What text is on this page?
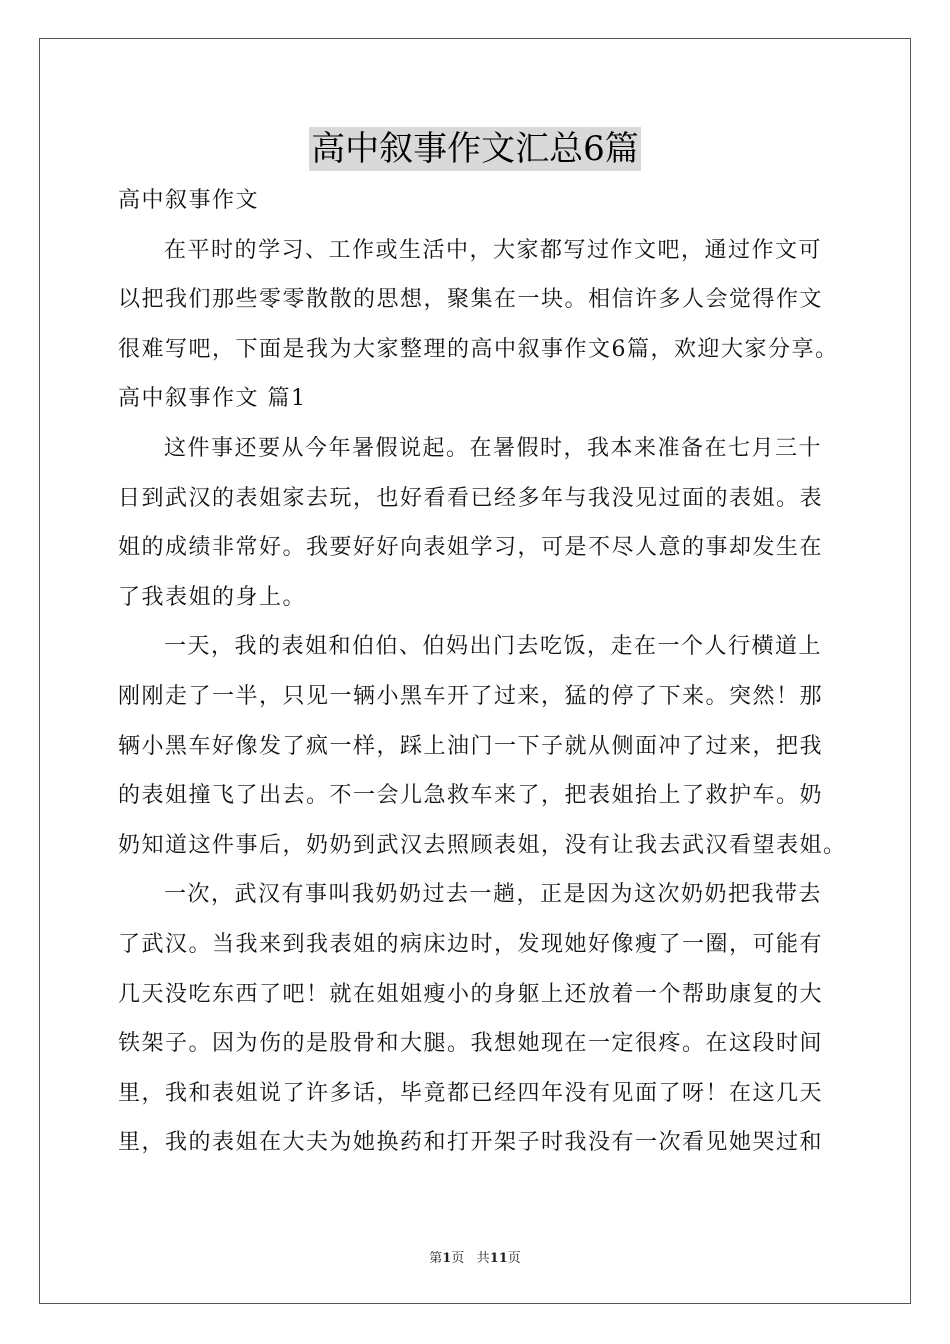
高中叙事作文汇总6篇
高中叙事作文
在平时的学习、工作或生活中，大家都写过作文吧，通过作文可
以把我们那些零零散散的思想，聚集在一块。相信许多人会觉得作文
很难写吧，下面是我为大家整理的高中叙事作文6篇，欢迎大家分享。
高中叙事作文 篇1
这件事还要从今年暑假说起。在暑假时，我本来准备在七月三十
日到武汉的表姐家去玩，也好看看已经多年与我没见过面的表姐。表
姐的成绩非常好。我要好好向表姐学习，可是不尽人意的事却发生在
了我表姐的身上。
一天，我的表姐和伯伯、伯妈出门去吃饭，走在一个人行横道上
刚刚走了一半，只见一辆小黑车开了过来，猛的停了下来。突然！那
辆小黑车好像发了疯一样，踩上油门一下子就从侧面冲了过来，把我
的表姐撞飞了出去。不一会儿急救车来了，把表姐抬上了救护车。奶
奶知道这件事后，奶奶到武汉去照顾表姐，没有让我去武汉看望表姐。
一次，武汉有事叫我奶奶过去一趟，正是因为这次奶奶把我带去
了武汉。当我来到我表姐的病床边时，发现她好像瘦了一圈，可能有
几天没吃东西了吧！就在姐姐瘦小的身躯上还放着一个帮助康复的大
铁架子。因为伤的是股骨和大腿。我想她现在一定很疼。在这段时间
里，我和表姐说了许多话，毕竟都已经四年没有见面了呀！在这几天
里，我的表姐在大夫为她换药和打开架子时我没有一次看见她哭过和
第1页 共11页
